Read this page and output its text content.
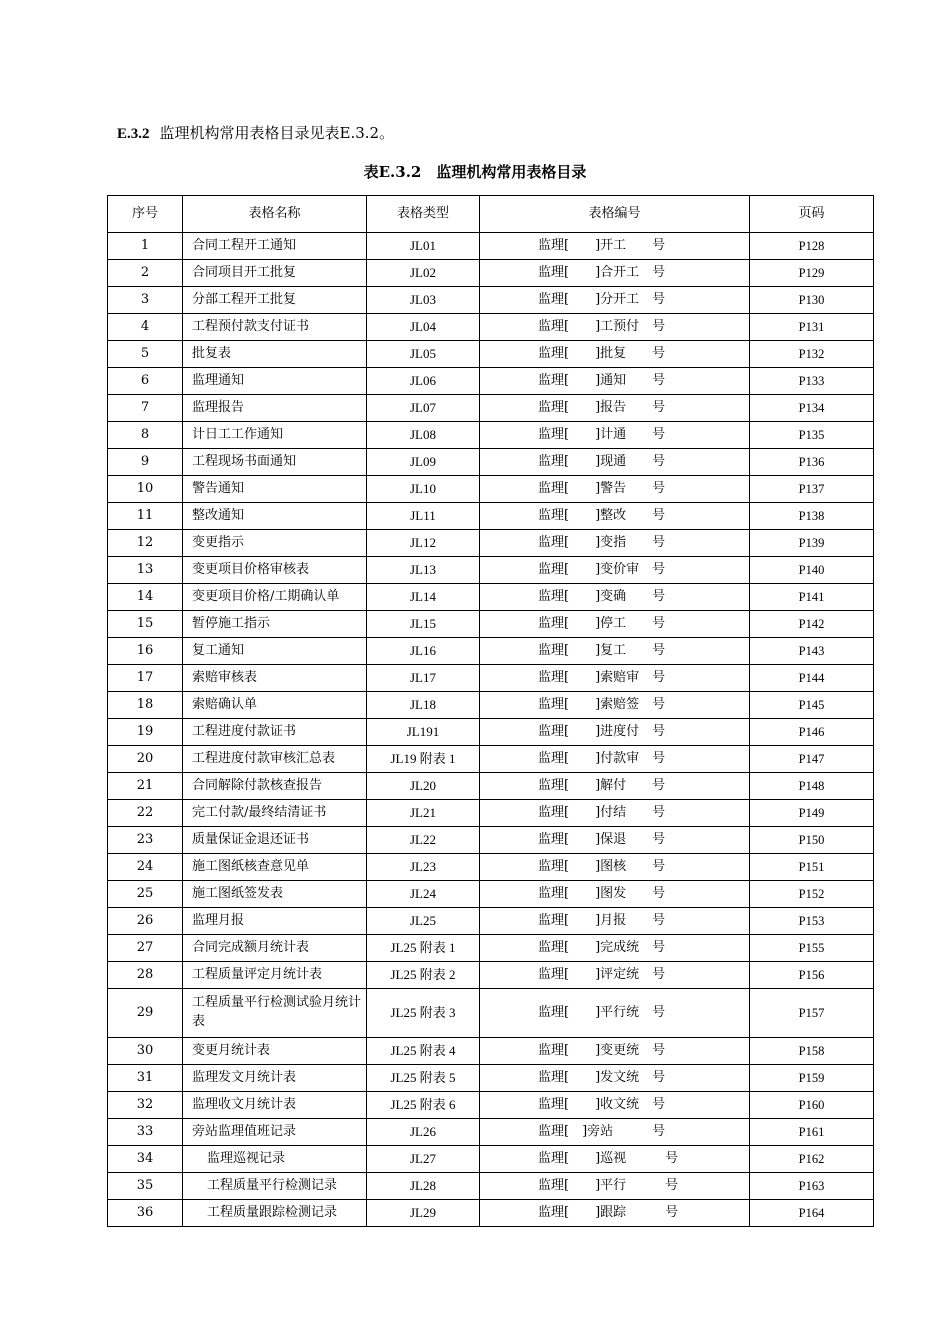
E.3.2 监理机构常用表格目录见表E.3.2。
表E.3.2　监理机构常用表格目录
序号	表格名称	表格类型	表格编号	页码
1	合同工程开工通知	JL01	监理[　　]开工　　号	P128
2	合同项目开工批复	JL02	监理[　　]合开工　号	P129
3	分部工程开工批复	JL03	监理[　　]分开工　号	P130
4	工程预付款支付证书	JL04	监理[　　]工预付　号	P131
5	批复表	JL05	监理[　　]批复　　号	P132
6	监理通知	JL06	监理[　　]通知　　号	P133
7	监理报告	JL07	监理[　　]报告　　号	P134
8	计日工工作通知	JL08	监理[　　]计通　　号	P135
9	工程现场书面通知	JL09	监理[　　]现通　　号	P136
10	警告通知	JL10	监理[　　]警告　　号	P137
11	整改通知	JL11	监理[　　]整改　　号	P138
12	变更指示	JL12	监理[　　]变指　　号	P139
13	变更项目价格审核表	JL13	监理[　　]变价审　号	P140
14	变更项目价格/工期确认单	JL14	监理[　　]变确　　号	P141
15	暂停施工指示	JL15	监理[　　]停工　　号	P142
16	复工通知	JL16	监理[　　]复工　　号	P143
17	索赔审核表	JL17	监理[　　]索赔审　号	P144
18	索赔确认单	JL18	监理[　　]索赔签　号	P145
19	工程进度付款证书	JL191	监理[　　]进度付　号	P146
20	工程进度付款审核汇总表	JL19 附表 1	监理[　　]付款审　号	P147
21	合同解除付款核查报告	JL20	监理[　　]解付　　号	P148
22	完工付款/最终结清证书	JL21	监理[　　]付结　　号	P149
23	质量保证金退还证书	JL22	监理[　　]保退　　号	P150
24	施工图纸核查意见单	JL23	监理[　　]图核　　号	P151
25	施工图纸签发表	JL24	监理[　　]图发　　号	P152
26	监理月报	JL25	监理[　　]月报　　号	P153
27	合同完成额月统计表	JL25 附表 1	监理[　　]完成统　号	P155
28	工程质量评定月统计表	JL25 附表 2	监理[　　]评定统　号	P156
29	工程质量平行检测试验月统计表	JL25 附表 3	监理[　　]平行统　号	P157
30	变更月统计表	JL25 附表 4	监理[　　]变更统　号	P158
31	监理发文月统计表	JL25 附表 5	监理[　　]发文统　号	P159
32	监理收文月统计表	JL25 附表 6	监理[　　]收文统　号	P160
33	旁站监理值班记录	JL26	监理[　]旁站　　　号	P161
34	监理巡视记录	JL27	监理[　　]巡视　　　号	P162
35	工程质量平行检测记录	JL28	监理[　　]平行　　　号	P163
36	工程质量跟踪检测记录	JL29	监理[　　]跟踪　　　号	P164
